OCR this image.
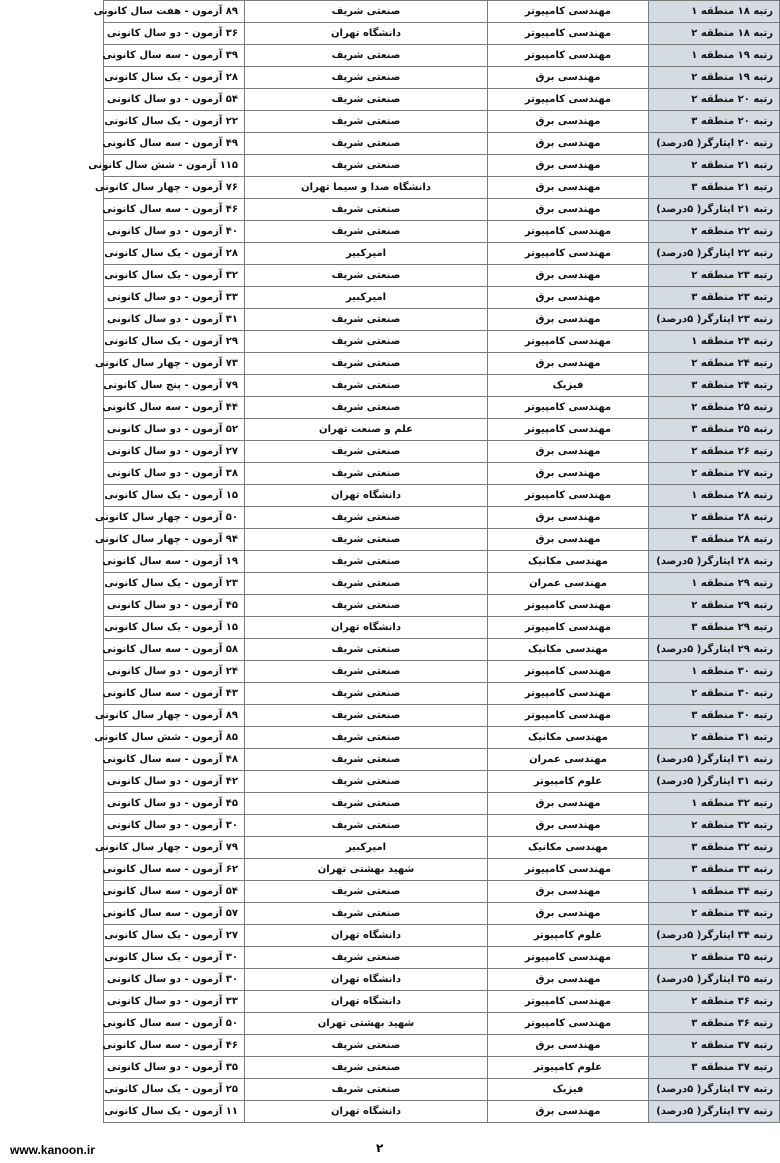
رتبه ۱۸ منطقه ۱	مهندسی کامپیوتر	صنعتی شریف	۸۹ آزمون - هفت سال کانونی
رتبه ۱۸ منطقه ۲	مهندسی کامپیوتر	دانشگاه تهران	۳۶ آزمون - دو سال کانونی
رتبه ۱۹ منطقه ۱	مهندسی کامپیوتر	صنعتی شریف	۳۹ آزمون - سه سال کانونی
رتبه ۱۹ منطقه ۲	مهندسی برق	صنعتی شریف	۲۸ آزمون - یک سال کانونی
رتبه ۲۰ منطقه ۲	مهندسی کامپیوتر	صنعتی شریف	۵۴ آزمون - دو سال کانونی
رتبه ۲۰ منطقه ۳	مهندسی برق	صنعتی شریف	۲۲ آزمون - یک سال کانونی
رتبه ۲۰ ایثارگر( ۵درصد)	مهندسی برق	صنعتی شریف	۴۹ آزمون - سه سال کانونی
رتبه ۲۱ منطقه ۲	مهندسی برق	صنعتی شریف	۱۱۵ آزمون - شش سال کانونی
رتبه ۲۱ منطقه ۳	مهندسی برق	دانشگاه صدا و سیما تهران	۷۶ آزمون - چهار سال کانونی
رتبه ۲۱ ایثارگر( ۵درصد)	مهندسی برق	صنعتی شریف	۴۶ آزمون - سه سال کانونی
رتبه ۲۲ منطقه ۲	مهندسی کامپیوتر	صنعتی شریف	۴۰ آزمون - دو سال کانونی
رتبه ۲۲ ایثارگر( ۵درصد)	مهندسی کامپیوتر	امیرکبیر	۲۸ آزمون - یک سال کانونی
رتبه ۲۳ منطقه ۲	مهندسی برق	صنعتی شریف	۳۲ آزمون - یک سال کانونی
رتبه ۲۳ منطقه ۳	مهندسی برق	امیرکبیر	۳۳ آزمون - دو سال کانونی
رتبه ۲۳ ایثارگر( ۵درصد)	مهندسی برق	صنعتی شریف	۳۱ آزمون - دو سال کانونی
رتبه ۲۴ منطقه ۱	مهندسی کامپیوتر	صنعتی شریف	۲۹ آزمون - یک سال کانونی
رتبه ۲۴ منطقه ۲	مهندسی برق	صنعتی شریف	۷۳ آزمون - چهار سال کانونی
رتبه ۲۴ منطقه ۳	فیزیک	صنعتی شریف	۷۹ آزمون - پنج سال کانونی
رتبه ۲۵ منطقه ۲	مهندسی کامپیوتر	صنعتی شریف	۴۴ آزمون - سه سال کانونی
رتبه ۲۵ منطقه ۳	مهندسی کامپیوتر	علم و صنعت تهران	۵۲ آزمون - دو سال کانونی
رتبه ۲۶ منطقه ۲	مهندسی برق	صنعتی شریف	۲۷ آزمون - دو سال کانونی
رتبه ۲۷ منطقه ۲	مهندسی برق	صنعتی شریف	۳۸ آزمون - دو سال کانونی
رتبه ۲۸ منطقه ۱	مهندسی کامپیوتر	دانشگاه تهران	۱۵ آزمون - یک سال کانونی
رتبه ۲۸ منطقه ۲	مهندسی برق	صنعتی شریف	۵۰ آزمون - چهار سال کانونی
رتبه ۲۸ منطقه ۳	مهندسی برق	صنعتی شریف	۹۴ آزمون - چهار سال کانونی
رتبه ۲۸ ایثارگر( ۵درصد)	مهندسی مکانیک	صنعتی شریف	۱۹ آزمون - سه سال کانونی
رتبه ۲۹ منطقه ۱	مهندسی عمران	صنعتی شریف	۲۳ آزمون - یک سال کانونی
رتبه ۲۹ منطقه ۲	مهندسی کامپیوتر	صنعتی شریف	۴۵ آزمون - دو سال کانونی
رتبه ۲۹ منطقه ۳	مهندسی کامپیوتر	دانشگاه تهران	۱۵ آزمون - یک سال کانونی
رتبه ۲۹ ایثارگر( ۵درصد)	مهندسی مکانیک	صنعتی شریف	۵۸ آزمون - سه سال کانونی
رتبه ۳۰ منطقه ۱	مهندسی کامپیوتر	صنعتی شریف	۲۴ آزمون - دو سال کانونی
رتبه ۳۰ منطقه ۲	مهندسی کامپیوتر	صنعتی شریف	۴۳ آزمون - سه سال کانونی
رتبه ۳۰ منطقه ۳	مهندسی کامپیوتر	صنعتی شریف	۸۹ آزمون - چهار سال کانونی
رتبه ۳۱ منطقه ۲	مهندسی مکانیک	صنعتی شریف	۸۵ آزمون - شش سال کانونی
رتبه ۳۱ ایثارگر( ۵درصد)	مهندسی عمران	صنعتی شریف	۴۸ آزمون - سه سال کانونی
رتبه ۳۱ ایثارگر( ۵درصد)	علوم کامپیوتر	صنعتی شریف	۴۲ آزمون - دو سال کانونی
رتبه ۳۲ منطقه ۱	مهندسی برق	صنعتی شریف	۴۵ آزمون - دو سال کانونی
رتبه ۳۲ منطقه ۲	مهندسی برق	صنعتی شریف	۳۰ آزمون - دو سال کانونی
رتبه ۳۲ منطقه ۳	مهندسی مکانیک	امیرکبیر	۷۹ آزمون - چهار سال کانونی
رتبه ۳۳ منطقه ۳	مهندسی کامپیوتر	شهید بهشتی تهران	۶۲ آزمون - سه سال کانونی
رتبه ۳۴ منطقه ۱	مهندسی برق	صنعتی شریف	۵۴ آزمون - سه سال کانونی
رتبه ۳۴ منطقه ۲	مهندسی برق	صنعتی شریف	۵۷ آزمون - سه سال کانونی
رتبه ۳۴ ایثارگر( ۵درصد)	علوم کامپیوتر	دانشگاه تهران	۲۷ آزمون - یک سال کانونی
رتبه ۳۵ منطقه ۲	مهندسی کامپیوتر	صنعتی شریف	۳۰ آزمون - یک سال کانونی
رتبه ۳۵ ایثارگر( ۵درصد)	مهندسی برق	دانشگاه تهران	۳۰ آزمون - دو سال کانونی
رتبه ۳۶ منطقه ۲	مهندسی کامپیوتر	دانشگاه تهران	۳۳ آزمون - دو سال کانونی
رتبه ۳۶ منطقه ۳	مهندسی کامپیوتر	شهید بهشتی تهران	۵۰ آزمون - سه سال کانونی
رتبه ۳۷ منطقه ۲	مهندسی برق	صنعتی شریف	۴۶ آزمون - سه سال کانونی
رتبه ۳۷ منطقه ۳	علوم کامپیوتر	صنعتی شریف	۳۵ آزمون - دو سال کانونی
رتبه ۳۷ ایثارگر( ۵درصد)	فیزیک	صنعتی شریف	۲۵ آزمون - یک سال کانونی
رتبه ۳۷ ایثارگر( ۵درصد)	مهندسی برق	دانشگاه تهران	۱۱ آزمون - یک سال کانونی
www.kanoon.ir	۲
